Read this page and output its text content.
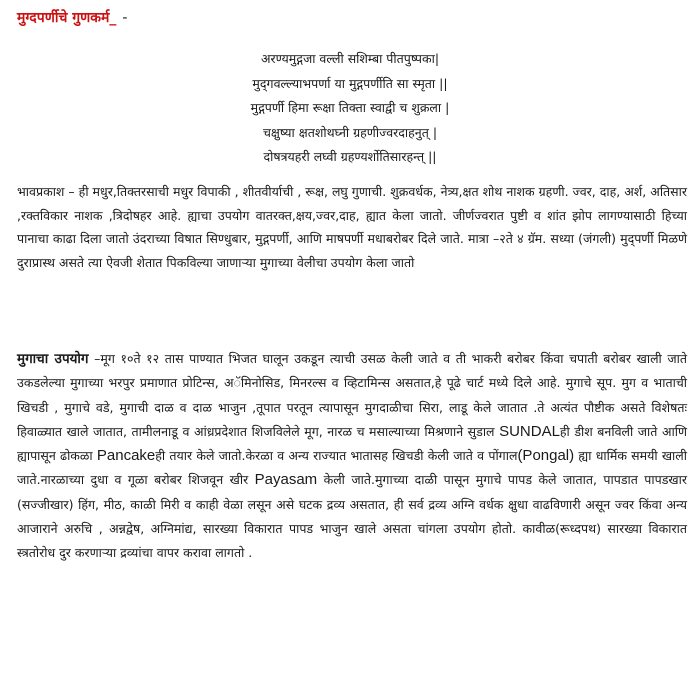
मुग्दपर्णीचे गुणकर्म_ -
अरण्यमुद्गजा वल्ली सशिम्बा पीतपुष्पका|
मुद्‌गवल्ल्याभपर्णा या मुद्गपर्णीति सा स्मृता ||
मुद्गपर्णी हिमा रूक्षा तिक्ता स्वाद्वी च शुक्रला |
चक्षुष्या क्षतशोथघ्नी ग्रहणीज्वरदाहनुत् |
दोषत्रयहरी लघ्वी ग्रहण्यर्शोतिसारहन्त् ||
भावप्रकाश – ही मधुर,तिक्तरसाची मधुर विपाकी , शीतवीर्याची , रूक्ष, लघु गुणाची. शुक्रवर्धक, नेत्र्य,क्षत शोथ नाशक ग्रहणी. ज्वर, दाह, अर्श, अतिसार ,रक्तविकार नाशक ,त्रिदोषहर आहे. ह्याचा उपयोग वातरक्त,क्षय,ज्वर,दाह, ह्यात केला जातो. जीर्णज्वरात पुष्टी व शांत झोप लागण्यासाठी हिच्या पानाचा काढा दिला जातो उंदराच्या विषात सिण्धुबार, मुद्गपर्णी, आणि माषपर्णी मधाबरोबर दिले जाते. मात्रा –२ते ४ ग्रॅम. सध्या (जंगली) मुद्पर्णी मिळणे दुराप्रास्थ असते त्या ऐवजी शेतात पिकविल्या जाणाऱ्या मुगाच्या वेलीचा उपयोग केला जातो
मुगाचा उपयोग –मूग १०ते १२ तास पाण्यात भिजत घालून उकडून त्याची उसळ केली जाते व ती भाकरी बरोबर किंवा चपाती बरोबर खाली जाते उकडलेल्या मुगाच्या भरपुर प्रमाणात प्रोटिन्स, अॅमिनोसिड, मिनरल्स व व्हिटामिन्स असतात,हे पूढे चार्ट मध्ये दिले आहे. मुगाचे सूप. मुग व भाताची खिचडी , मुगाचे वडे, मुगाची दाळ व दाळ भाजुन ,तूपात परतून त्यापासून मुगदाळीचा सिरा, लाडू केले जातात .ते अत्यंत पौष्टीक असते विशेषतः हिवाळ्यात खाले जातात, तामीलनाडू व आंध्रप्रदेशात शिजविलेले मूग, नारळ च मसाल्याच्या मिश्रणाने सुडाल SUNDALही डीश बनविली जाते आणि ह्यापासून ढोकळा Pancakeही तयार केले जातो.केरळा व अन्य राज्यात भातासह खिचडी केली जाते व पोंगाल(Pongal) ह्या धार्मिक समयी खाली जाते.नारळाच्या दुधा व गूळा बरोबर शिजवून खीर Payasam केली जाते.मुगाच्या दाळी पासून मुगाचे पापड केले जातात, पापडात पापडखार (सज्जीखार) हिंग, मीठ, काळी मिरी व काही वेळा लसून असे घटक द्रव्य असतात, ही सर्व द्रव्य अग्नि वर्धक क्षुधा वाढविणारी असून ज्वर किंवा अन्य आजाराने अरुचि , अन्नद्वेष, अग्निमांद्य, सारख्या विकारात पापड भाजुन खाले असता चांगला उपयोग होतो. कावीळ(रूध्दपथ) सारख्या विकारात स्त्रतोरोध दुर करणाऱ्या द्रव्यांचा वापर करावा लागतो .
